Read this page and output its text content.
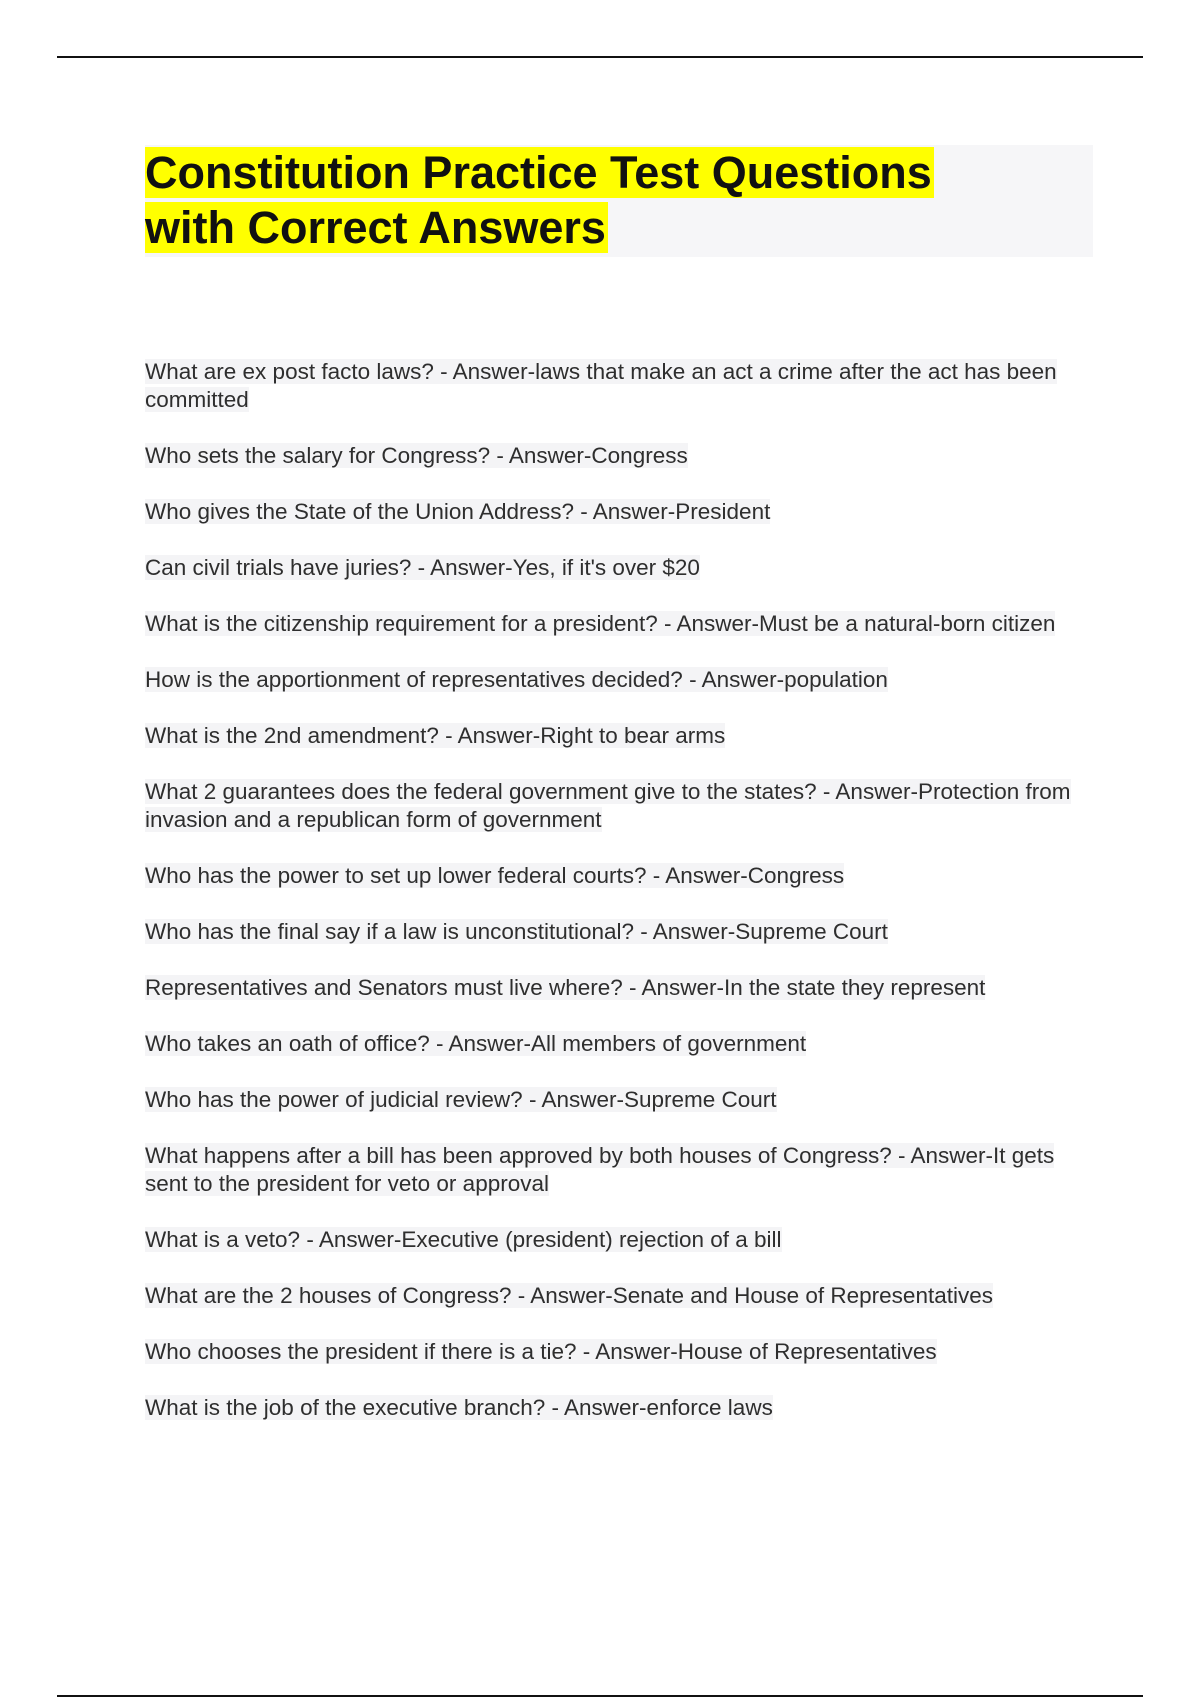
Constitution Practice Test Questions
with Correct Answers
What are ex post facto laws? - Answer-laws that make an act a crime after the act has been committed
Who sets the salary for Congress? - Answer-Congress
Who gives the State of the Union Address? - Answer-President
Can civil trials have juries? - Answer-Yes, if it's over $20
What is the citizenship requirement for a president? - Answer-Must be a natural-born citizen
How is the apportionment of representatives decided? - Answer-population
What is the 2nd amendment? - Answer-Right to bear arms
What 2 guarantees does the federal government give to the states? - Answer-Protection from invasion and a republican form of government
Who has the power to set up lower federal courts? - Answer-Congress
Who has the final say if a law is unconstitutional? - Answer-Supreme Court
Representatives and Senators must live where? - Answer-In the state they represent
Who takes an oath of office? - Answer-All members of government
Who has the power of judicial review? - Answer-Supreme Court
What happens after a bill has been approved by both houses of Congress? - Answer-It gets sent to the president for veto or approval
What is a veto? - Answer-Executive (president) rejection of a bill
What are the 2 houses of Congress? - Answer-Senate and House of Representatives
Who chooses the president if there is a tie? - Answer-House of Representatives
What is the job of the executive branch? - Answer-enforce laws
